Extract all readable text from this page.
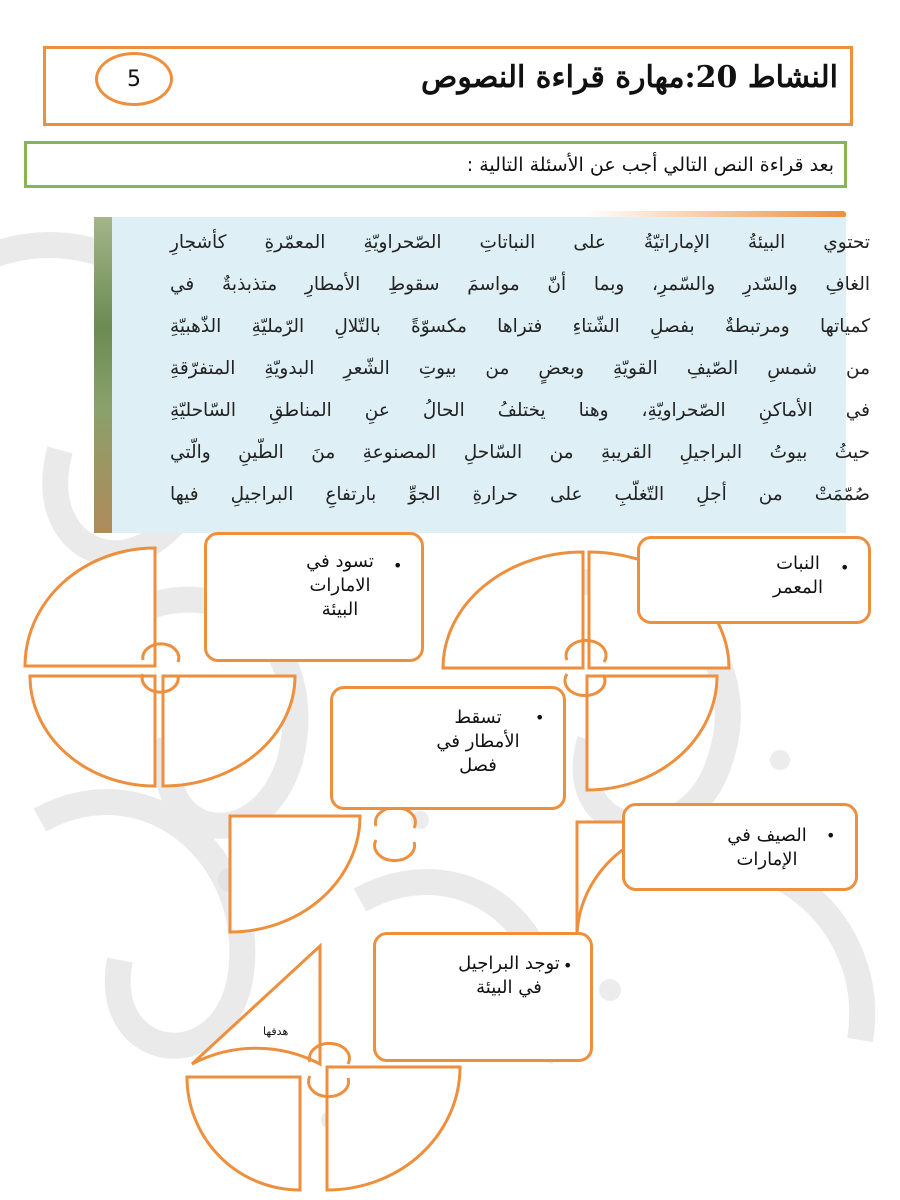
5	النشاط 20:مهارة قراءة النصوص
بعد قراءة النص التالي أجب عن الأسئلة التالية :
تحتوي البيئةُ الإماراتيّةُ على النباتاتِ الصّحراويّةِ المعمّرةِ كأشجارِ
الغافِ والسّدرِ والسّمرِ، وبما أنّ مواسمَ سقوطِ الأمطارِ متذبذبةٌ في
كمياتها ومرتبطةٌ بفصلِ الشّتاءِ فتراها مكسوّةً بالتّلالِ الرّمليّةِ الذّهبيّةِ
من شمسِ الصّيفِ القويّةِ وبعضٍ من بيوتِ الشّعرِ البدويّةِ المتفرّقةِ
في الأماكنِ الصّحراويّةِ، وهنا يختلفُ الحالُ عنِ المناطقِ السّاحليّةِ
حيثُ بيوتُ البراجيلِ القريبةِ من السّاحلِ المصنوعةِ منَ الطّينِ والّتي
صُمّمَتْ من أجلِ التّغلّبِ على حرارةِ الجوِّ بارتفاعِ البراجيلِ فيها
•
تسود في الامارات البيئة
•
النبات المعمر
•
تسقط الأمطار في فصل
•
الصيف في الإمارات
•
توجد البراجيل في البيئة
هدفها
